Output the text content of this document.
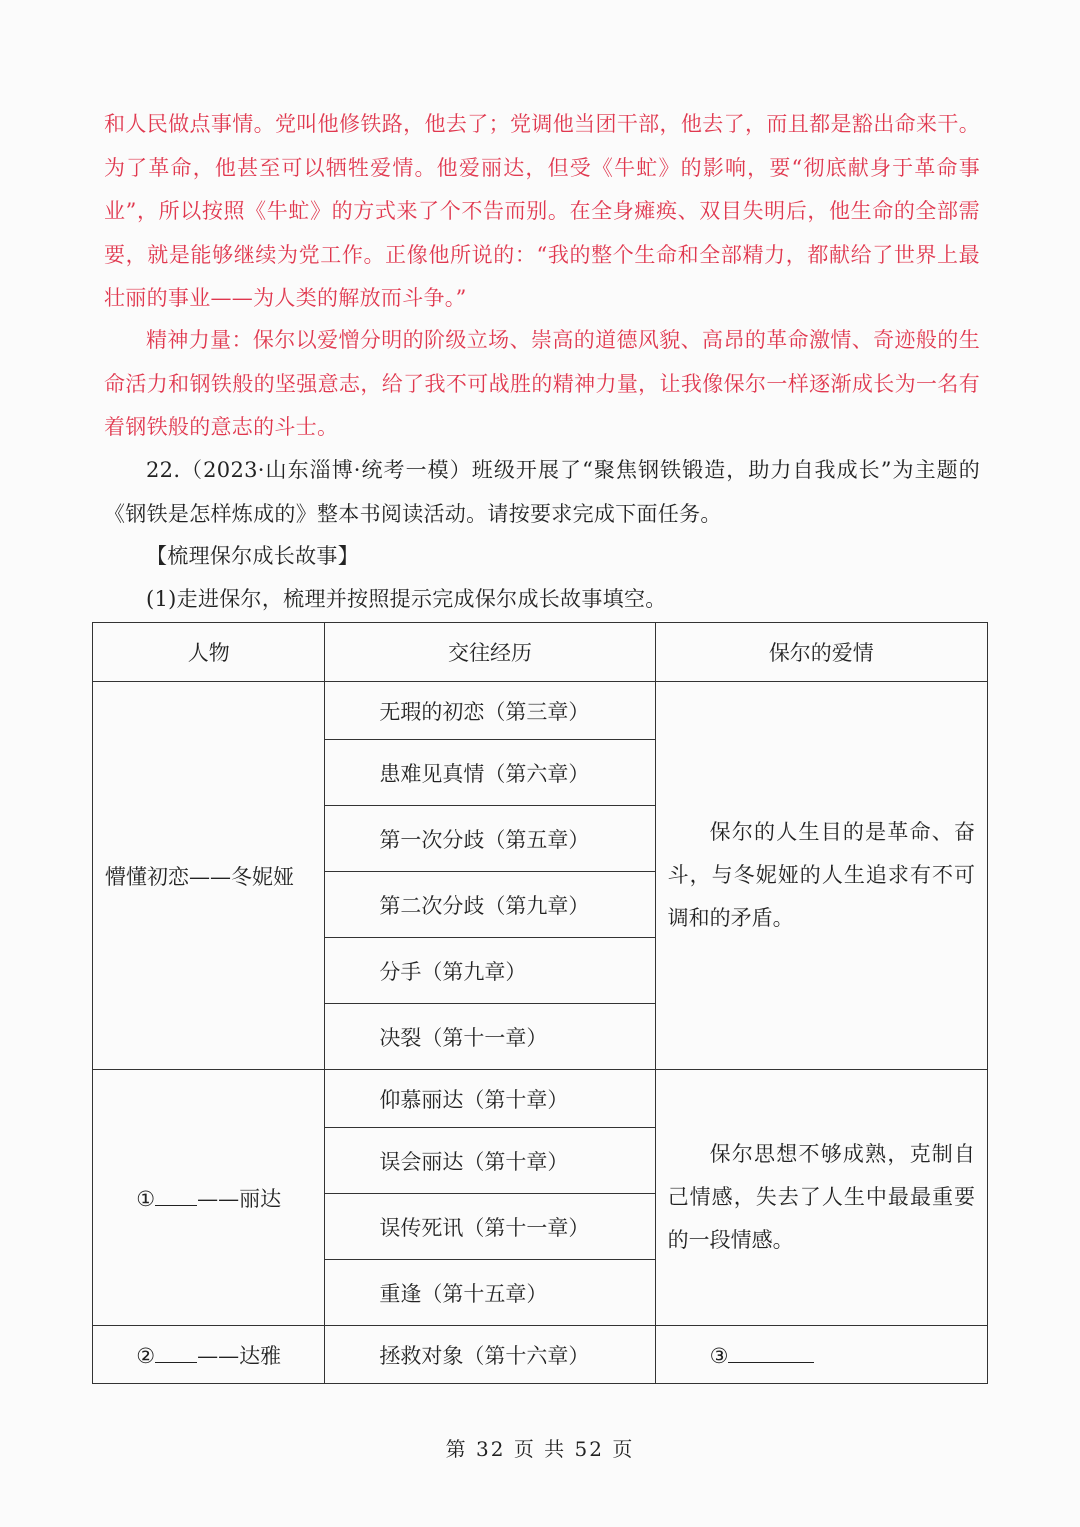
和人民做点事情。党叫他修铁路，他去了；党调他当团干部，他去了，而且都是豁出命来干。为了革命，他甚至可以牺牲爱情。他爱丽达，但受《牛虻》的影响，要“彻底献身于革命事业”，所以按照《牛虻》的方式来了个不告而别。在全身瘫痪、双目失明后，他生命的全部需要，就是能够继续为党工作。正像他所说的：“我的整个生命和全部精力，都献给了世界上最壮丽的事业——为人类的解放而斗争。”

精神力量：保尔以爱憎分明的阶级立场、崇高的道德风貌、高昂的革命激情、奇迹般的生命活力和钢铁般的坚强意志，给了我不可战胜的精神力量，让我像保尔一样逐渐成长为一名有着钢铁般的意志的斗士。

22.（2023·山东淄博·统考一模）班级开展了“聚焦钢铁锻造，助力自我成长”为主题的《钢铁是怎样炼成的》整本书阅读活动。请按要求完成下面任务。

【梳理保尔成长故事】

(1)走进保尔，梳理并按照提示完成保尔成长故事填空。

人物	交往经历	保尔的爱情
懵懂初恋——冬妮娅	无瑕的初恋（第三章）	保尔的人生目的是革命、奋斗，与冬妮娅的人生追求有不可调和的矛盾。
	患难见真情（第六章）	
	第一次分歧（第五章）	
	第二次分歧（第九章）	
	分手（第九章）	
	决裂（第十一章）	
① ——丽达	仰慕丽达（第十章）	保尔思想不够成熟，克制自己情感，失去了人生中最最重要的一段情感。
	误会丽达（第十章）	
	误传死讯（第十一章）	
	重逢（第十五章）	
② ——达雅	拯救对象（第十六章）	③
第 32 页 共 52 页
